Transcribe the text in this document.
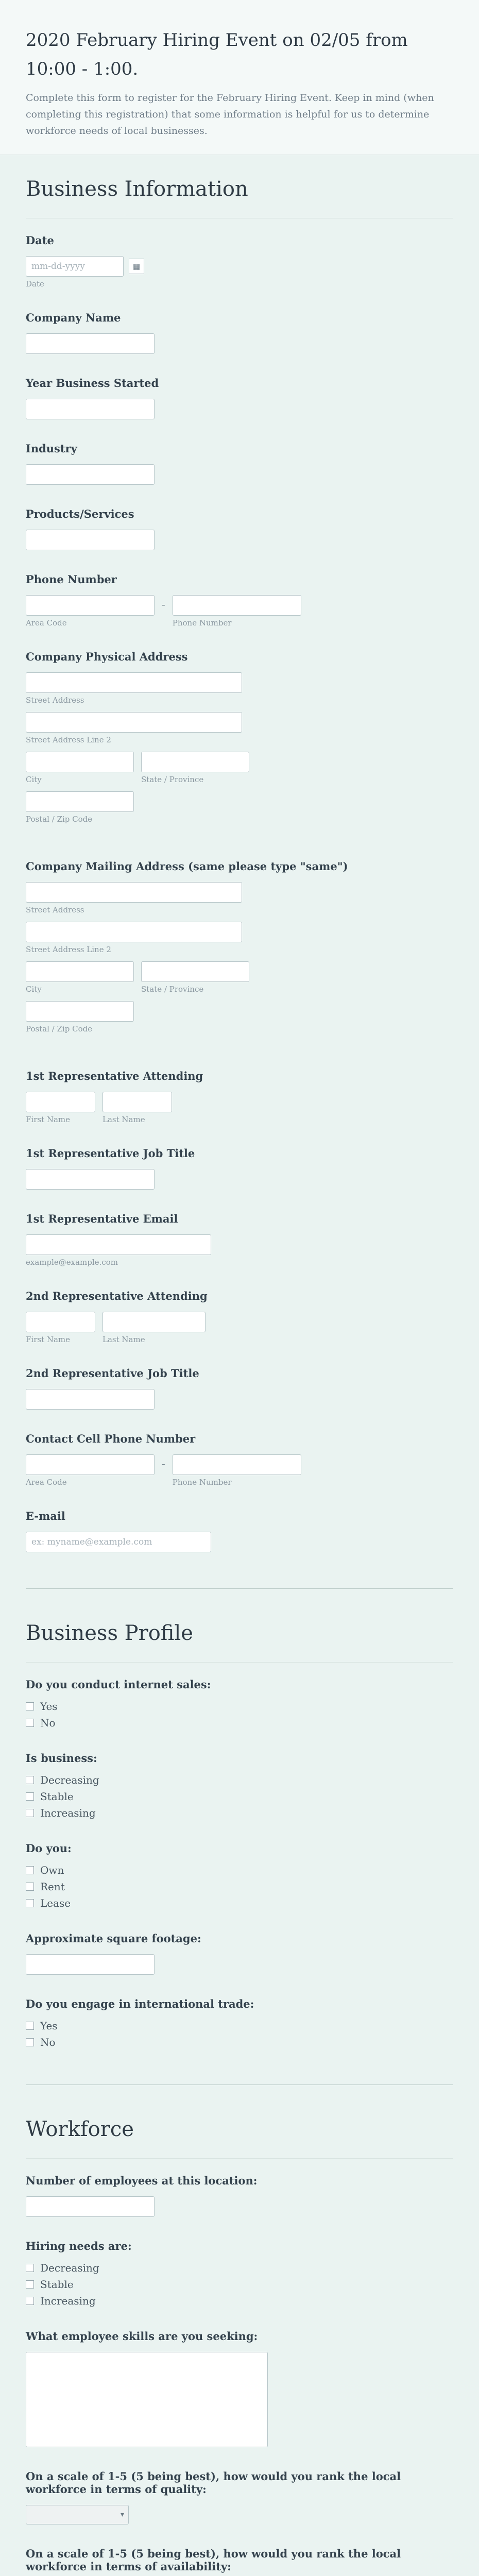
2020 February Hiring Event on 02/05 from 10:00 - 1:00.

Complete this form to register for the February Hiring Event. Keep in mind (when completing this registration) that some information is helpful for us to determine workforce needs of local businesses.

Business Information
Date
mm-dd-yyyy
▦
Date
Company Name
Year Business Started
Industry
Products/Services
Phone Number
Area Code
-
Phone Number
Company Physical Address
Street Address
Street Address Line 2
City	State / Province
Postal / Zip Code
Company Mailing Address (same please type "same")
Street Address
Street Address Line 2
City	State / Province
Postal / Zip Code
1st Representative Attending
First Name	Last Name
1st Representative Job Title
1st Representative Email
example@example.com
2nd Representative Attending
First Name	Last Name
2nd Representative Job Title
Contact Cell Phone Number
Area Code
-
Phone Number
E-mail
ex: myname@example.com
Business Profile
Do you conduct internet sales:
Yes
No
Is business:
Decreasing
Stable
Increasing
Do you:
Own
Rent
Lease
Approximate square footage:
Do you engage in international trade:
Yes
No
Workforce
Number of employees at this location:
Hiring needs are:
Decreasing
Stable
Increasing
What employee skills are you seeking:
On a scale of 1-5 (5 being best), how would you rank the local workforce in terms of quality:
▾
On a scale of 1-5 (5 being best), how would you rank the local workforce in terms of availability:
